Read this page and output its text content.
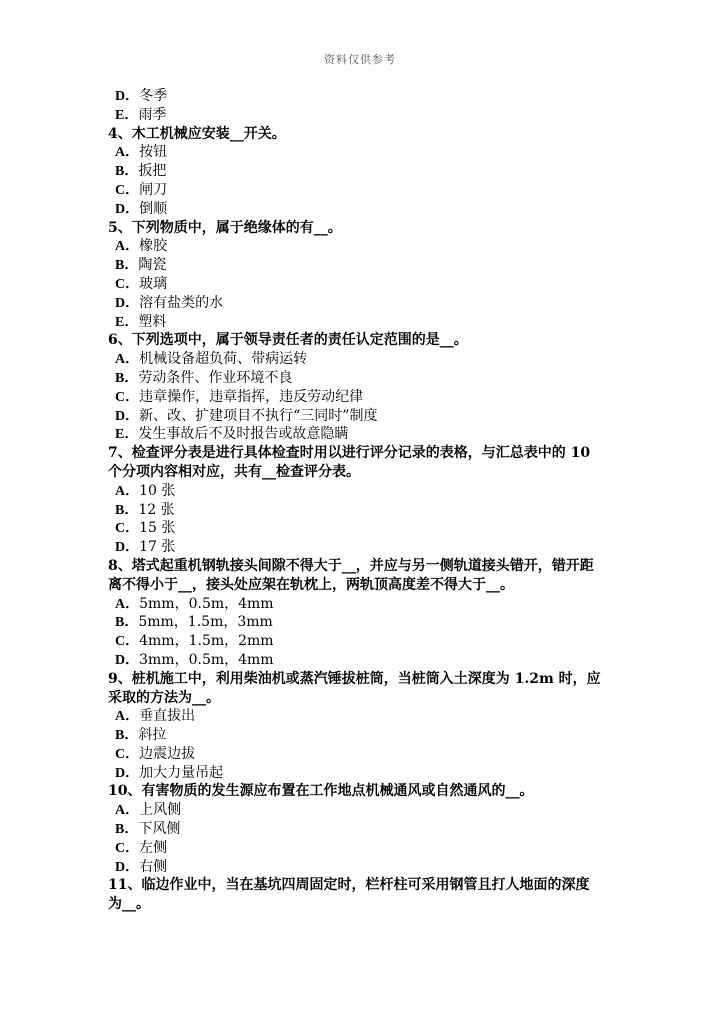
资料仅供参考
D．冬季
E．雨季
4、木工机械应安装__开关。
A．按钮
B．扳把
C．闸刀
D．倒顺
5、下列物质中，属于绝缘体的有__。
A．橡胶
B．陶瓷
C．玻璃
D．溶有盐类的水
E．塑料
6、下列选项中，属于领导责任者的责任认定范围的是__。
A．机械设备超负荷、带病运转
B．劳动条件、作业环境不良
C．违章操作，违章指挥，违反劳动纪律
D．新、改、扩建项目不执行“三同时”制度
E．发生事故后不及时报告或故意隐瞒
7、检查评分表是进行具体检查时用以进行评分记录的表格，与汇总表中的 10
个分项内容相对应，共有__检查评分表。
A．10 张
B．12 张
C．15 张
D．17 张
8、塔式起重机钢轨接头间隙不得大于__，并应与另一侧轨道接头错开，错开距
离不得小于__，接头处应架在轨枕上，两轨顶高度差不得大于__。
A．5mm，0.5m，4mm
B．5mm，1.5m，3mm
C．4mm，1.5m，2mm
D．3mm，0.5m，4mm
9、桩机施工中，利用柴油机或蒸汽锤拔桩筒，当桩筒入土深度为 1.2m 时，应
采取的方法为__。
A．垂直拔出
B．斜拉
C．边震边拔
D．加大力量吊起
10、有害物质的发生源应布置在工作地点机械通风或自然通风的__。
A．上风侧
B．下风侧
C．左侧
D．右侧
11、临边作业中，当在基坑四周固定时，栏杆柱可采用钢管且打人地面的深度
为__。
